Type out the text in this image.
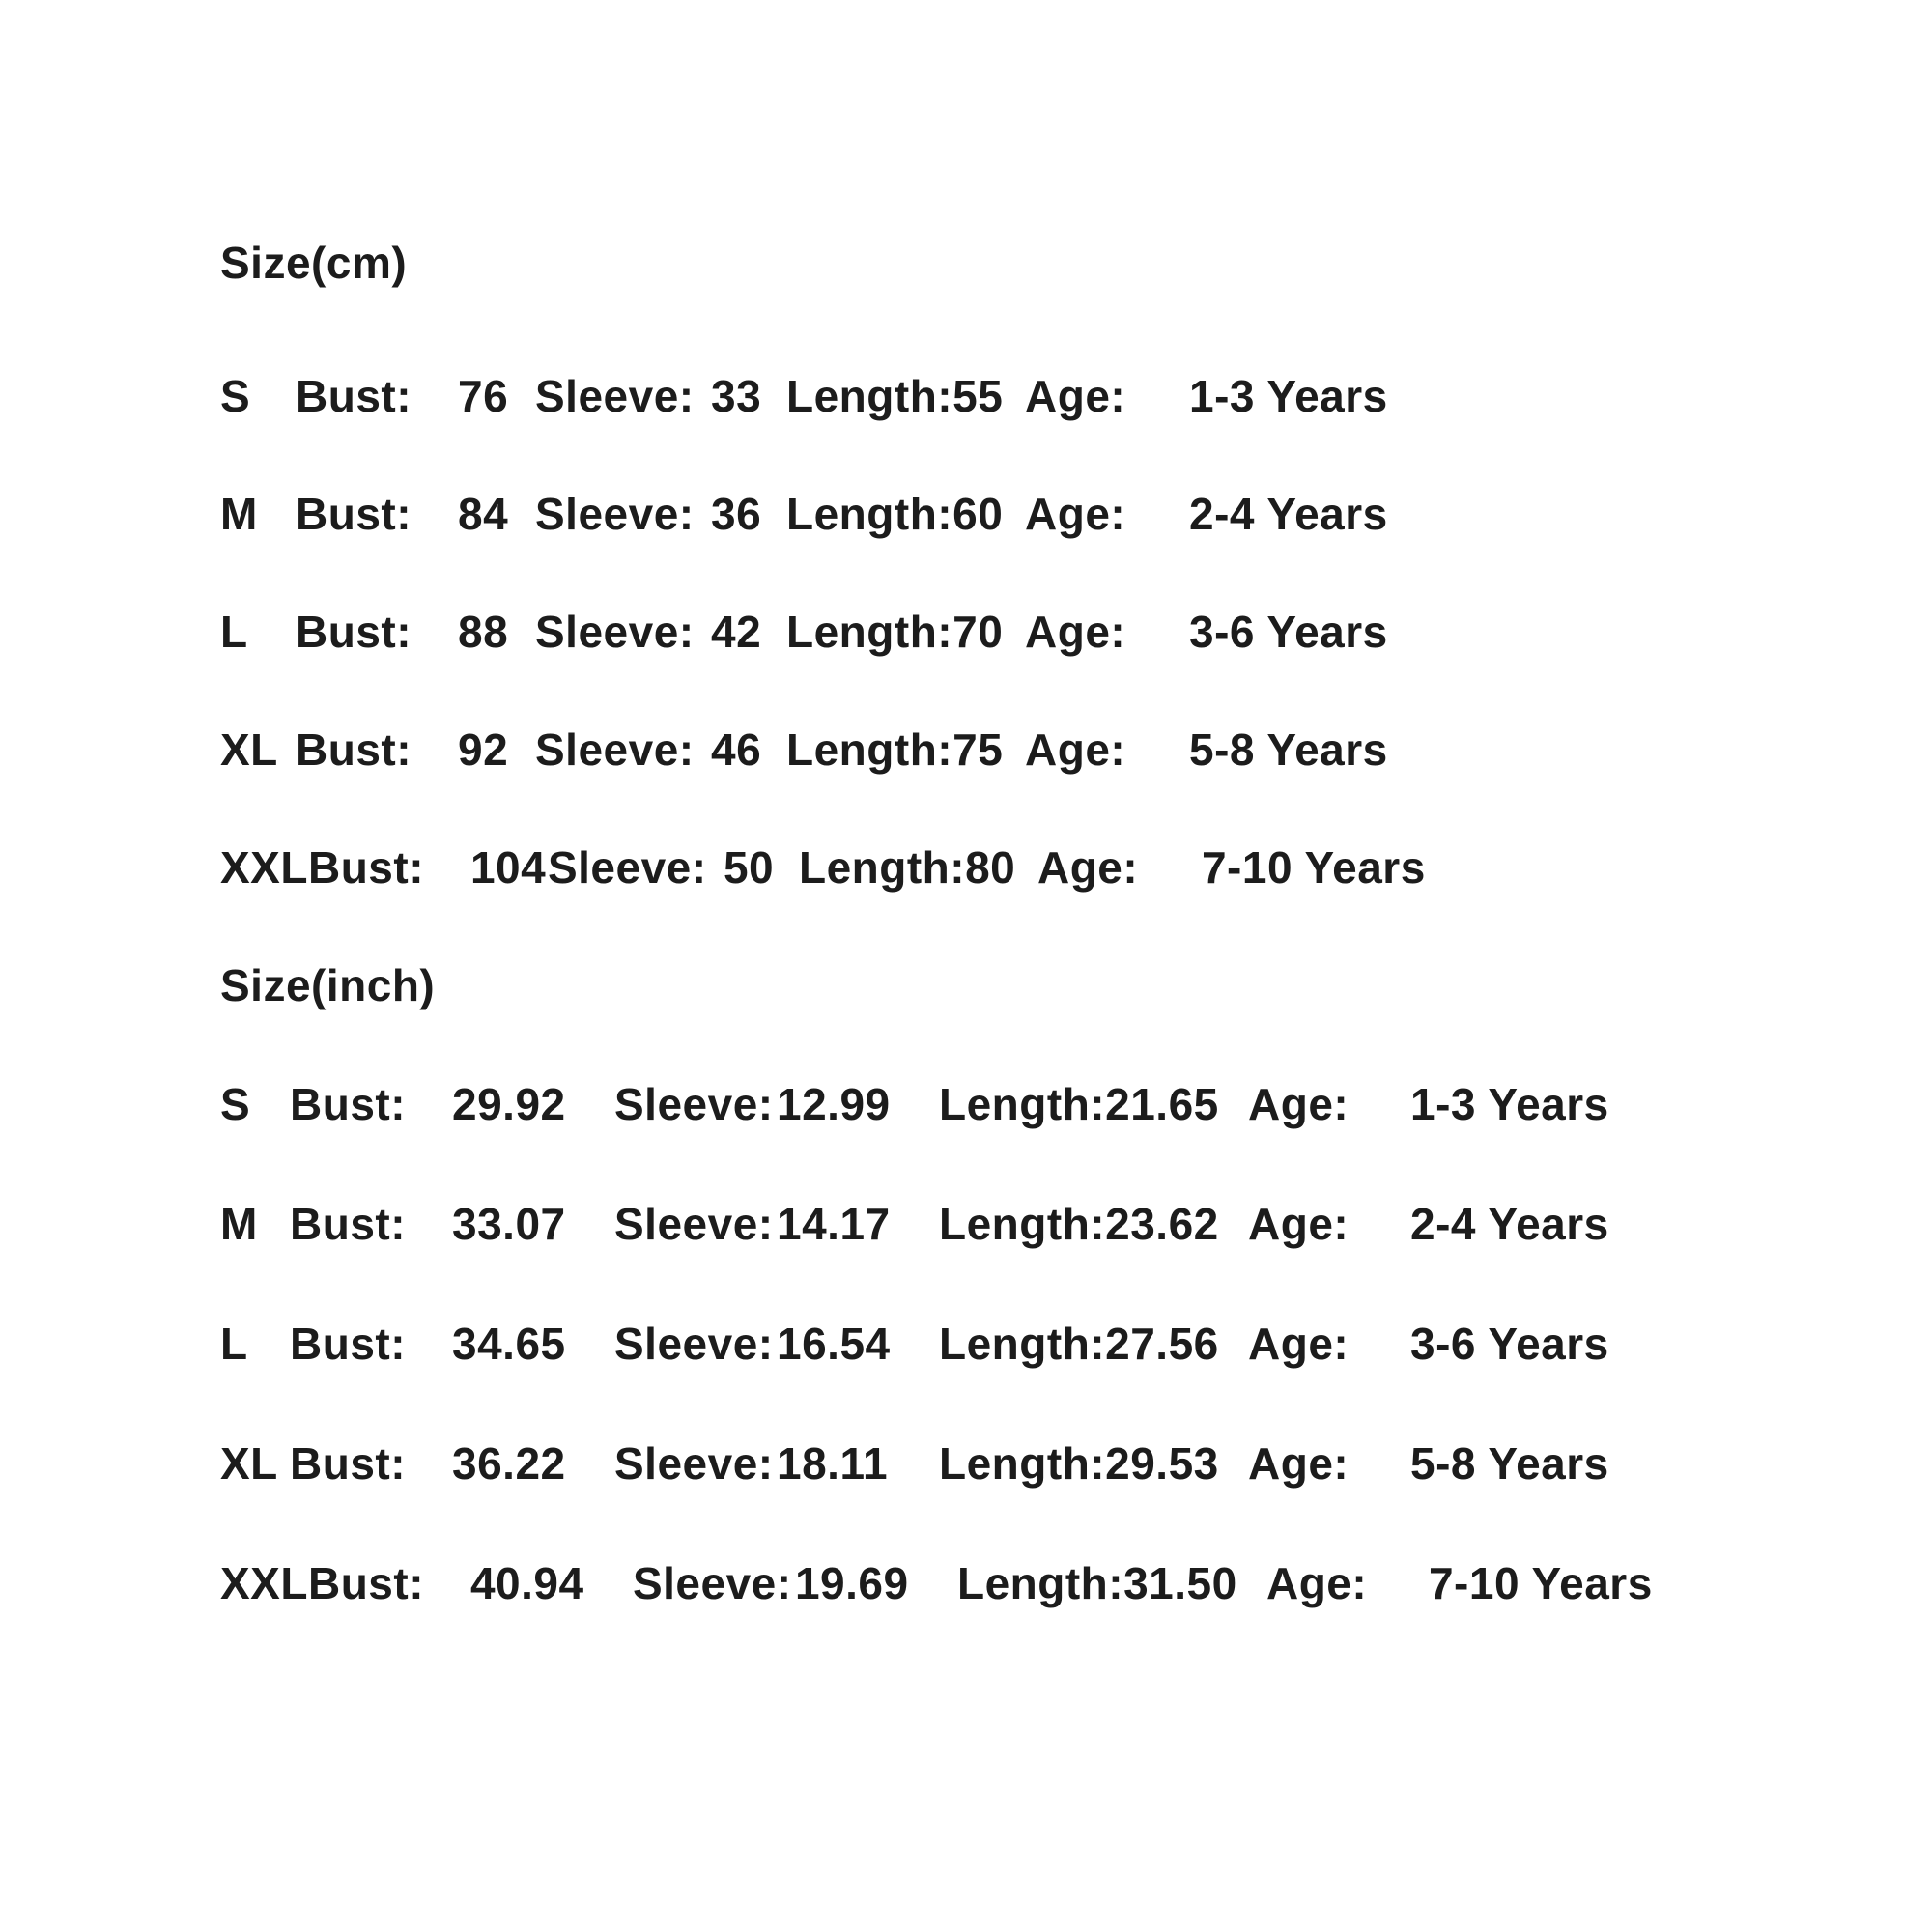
Size(cm)
S	Bust:	76 Sleeve: 33 Length:55 Age:	1-3 Years
M Bust:	84 Sleeve: 36 Length:60 Age:	2-4 Years
L	Bust:	88 Sleeve: 42 Length:70 Age:	3-6 Years
XL Bust:	92 Sleeve: 46 Length:75 Age:	5-8 Years
XXL Bust:	104 Sleeve: 50 Length:80 Age:	7-10 Years
Size(inch)
S Bust:	29.92	Sleeve: 12.99	Length:21.65 Age:	1-3 Years
M Bust:	33.07	Sleeve: 14.17	Length:23.62 Age:	2-4 Years
L Bust:	34.65	Sleeve: 16.54	Length:27.56 Age:	3-6 Years
XL Bust:	36.22	Sleeve: 18.11	Length:29.53 Age:	5-8 Years
XXL Bust:	40.94	Sleeve: 19.69	Length:31.50 Age:	7-10 Years
